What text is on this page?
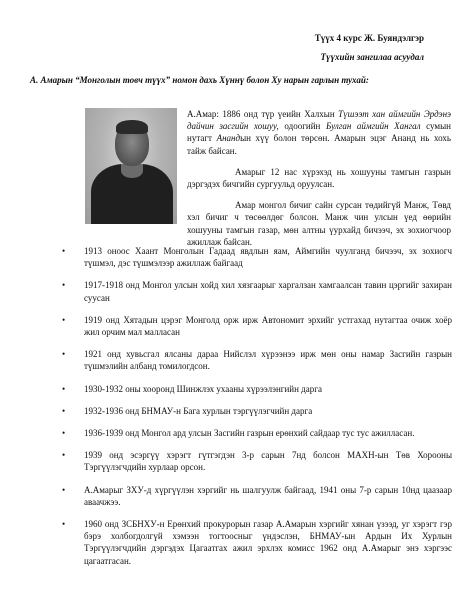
Түүх 4 курс Ж. Буяндэлгэр
Түүхийн зангилаа асуудал
А. Амарын “Монголын товч түүх” номон дахь Хүннү болон Ху нарын гарлын тухай:

А.Амар: 1886 онд түр үеийн Халхын Түшээт хан аймгийн Эрдэнэ дайчин засгийн хошуу, одоогийн Булган аймгийн Хангал сумын нутагт Анандын хүү болон төрсөн. Амарын эцэг Ананд нь хохь тайж байсан.

Амарыг 12 нас хүрэхэд нь хошууны тамгын газрын дэргэдэх бичгийн сургуульд оруулсан.

Амар монгол бичиг сайн сурсан төдийгүй Манж, Төвд хэл бичиг ч төсөөлдөг болсон. Манж чин улсын үед өөрийн хошууны тамгын газар, мөн алтны үурхайд бичээч, эх зохиогчоор ажиллаж байсан.

•	1913 оноос Хаант Монголын Гадаад явдлын яам, Аймгийн чуулганд бичээч, эх зохиогч түшмэл, дэс түшмэлээр ажиллаж байгаад
•	1917-1918 онд Монгол улсын хойд хил хязгаарыг харгалзан хамгаалсан тавин цэргийг захиран суусан
•	1919 онд Хятадын цэрэг Монголд орж ирж Автономит эрхийг устгахад нутагтаа очиж хоёр жил орчим мал малласан
•	1921 онд хувьсгал ялсаны дараа Нийслэл хүрээнээ ирж мөн оны намар Засгийн газрын түшмэлийн албанд томилогдсон.
•	1930-1932 оны хооронд Шинжлэх ухааны хүрээлэнгийн дарга
•	1932-1936 онд БНМАУ-н Бага хурлын тэргүүлэгчийн дарга
•	1936-1939 онд Монгол ард улсын Засгийн газрын ерөнхий сайдаар тус тус ажилласан.
•	1939 онд эсэргүү хэрэгт гүтгэгдэн 3-р сарын 7нд болсон МАХН-ын Төв Хорооны Тэргүүлэгчдийн хурлаар орсон.
•	А.Амарыг ЗХУ-д хүргүүлэн хэргийг нь шалгуулж байгаад, 1941 оны 7-р сарын 10нд цаазаар аваачжээ.
•	1960 онд ЗСБНХУ-н Ерөнхий прокурорын газар А.Амарын хэргийг хянан үзээд, уг хэрэгт гэр бэрэ холбогдолгүй хэмээн тогтоосныг үндэслэн, БНМАУ-ын Ардын Их Хурлын Тэргүүлэгчдийн дэргэдэх Цагаатгах ажил эрхлэх комисс 1962 онд А.Амарыг энэ хэргээс цагаатгасан.
